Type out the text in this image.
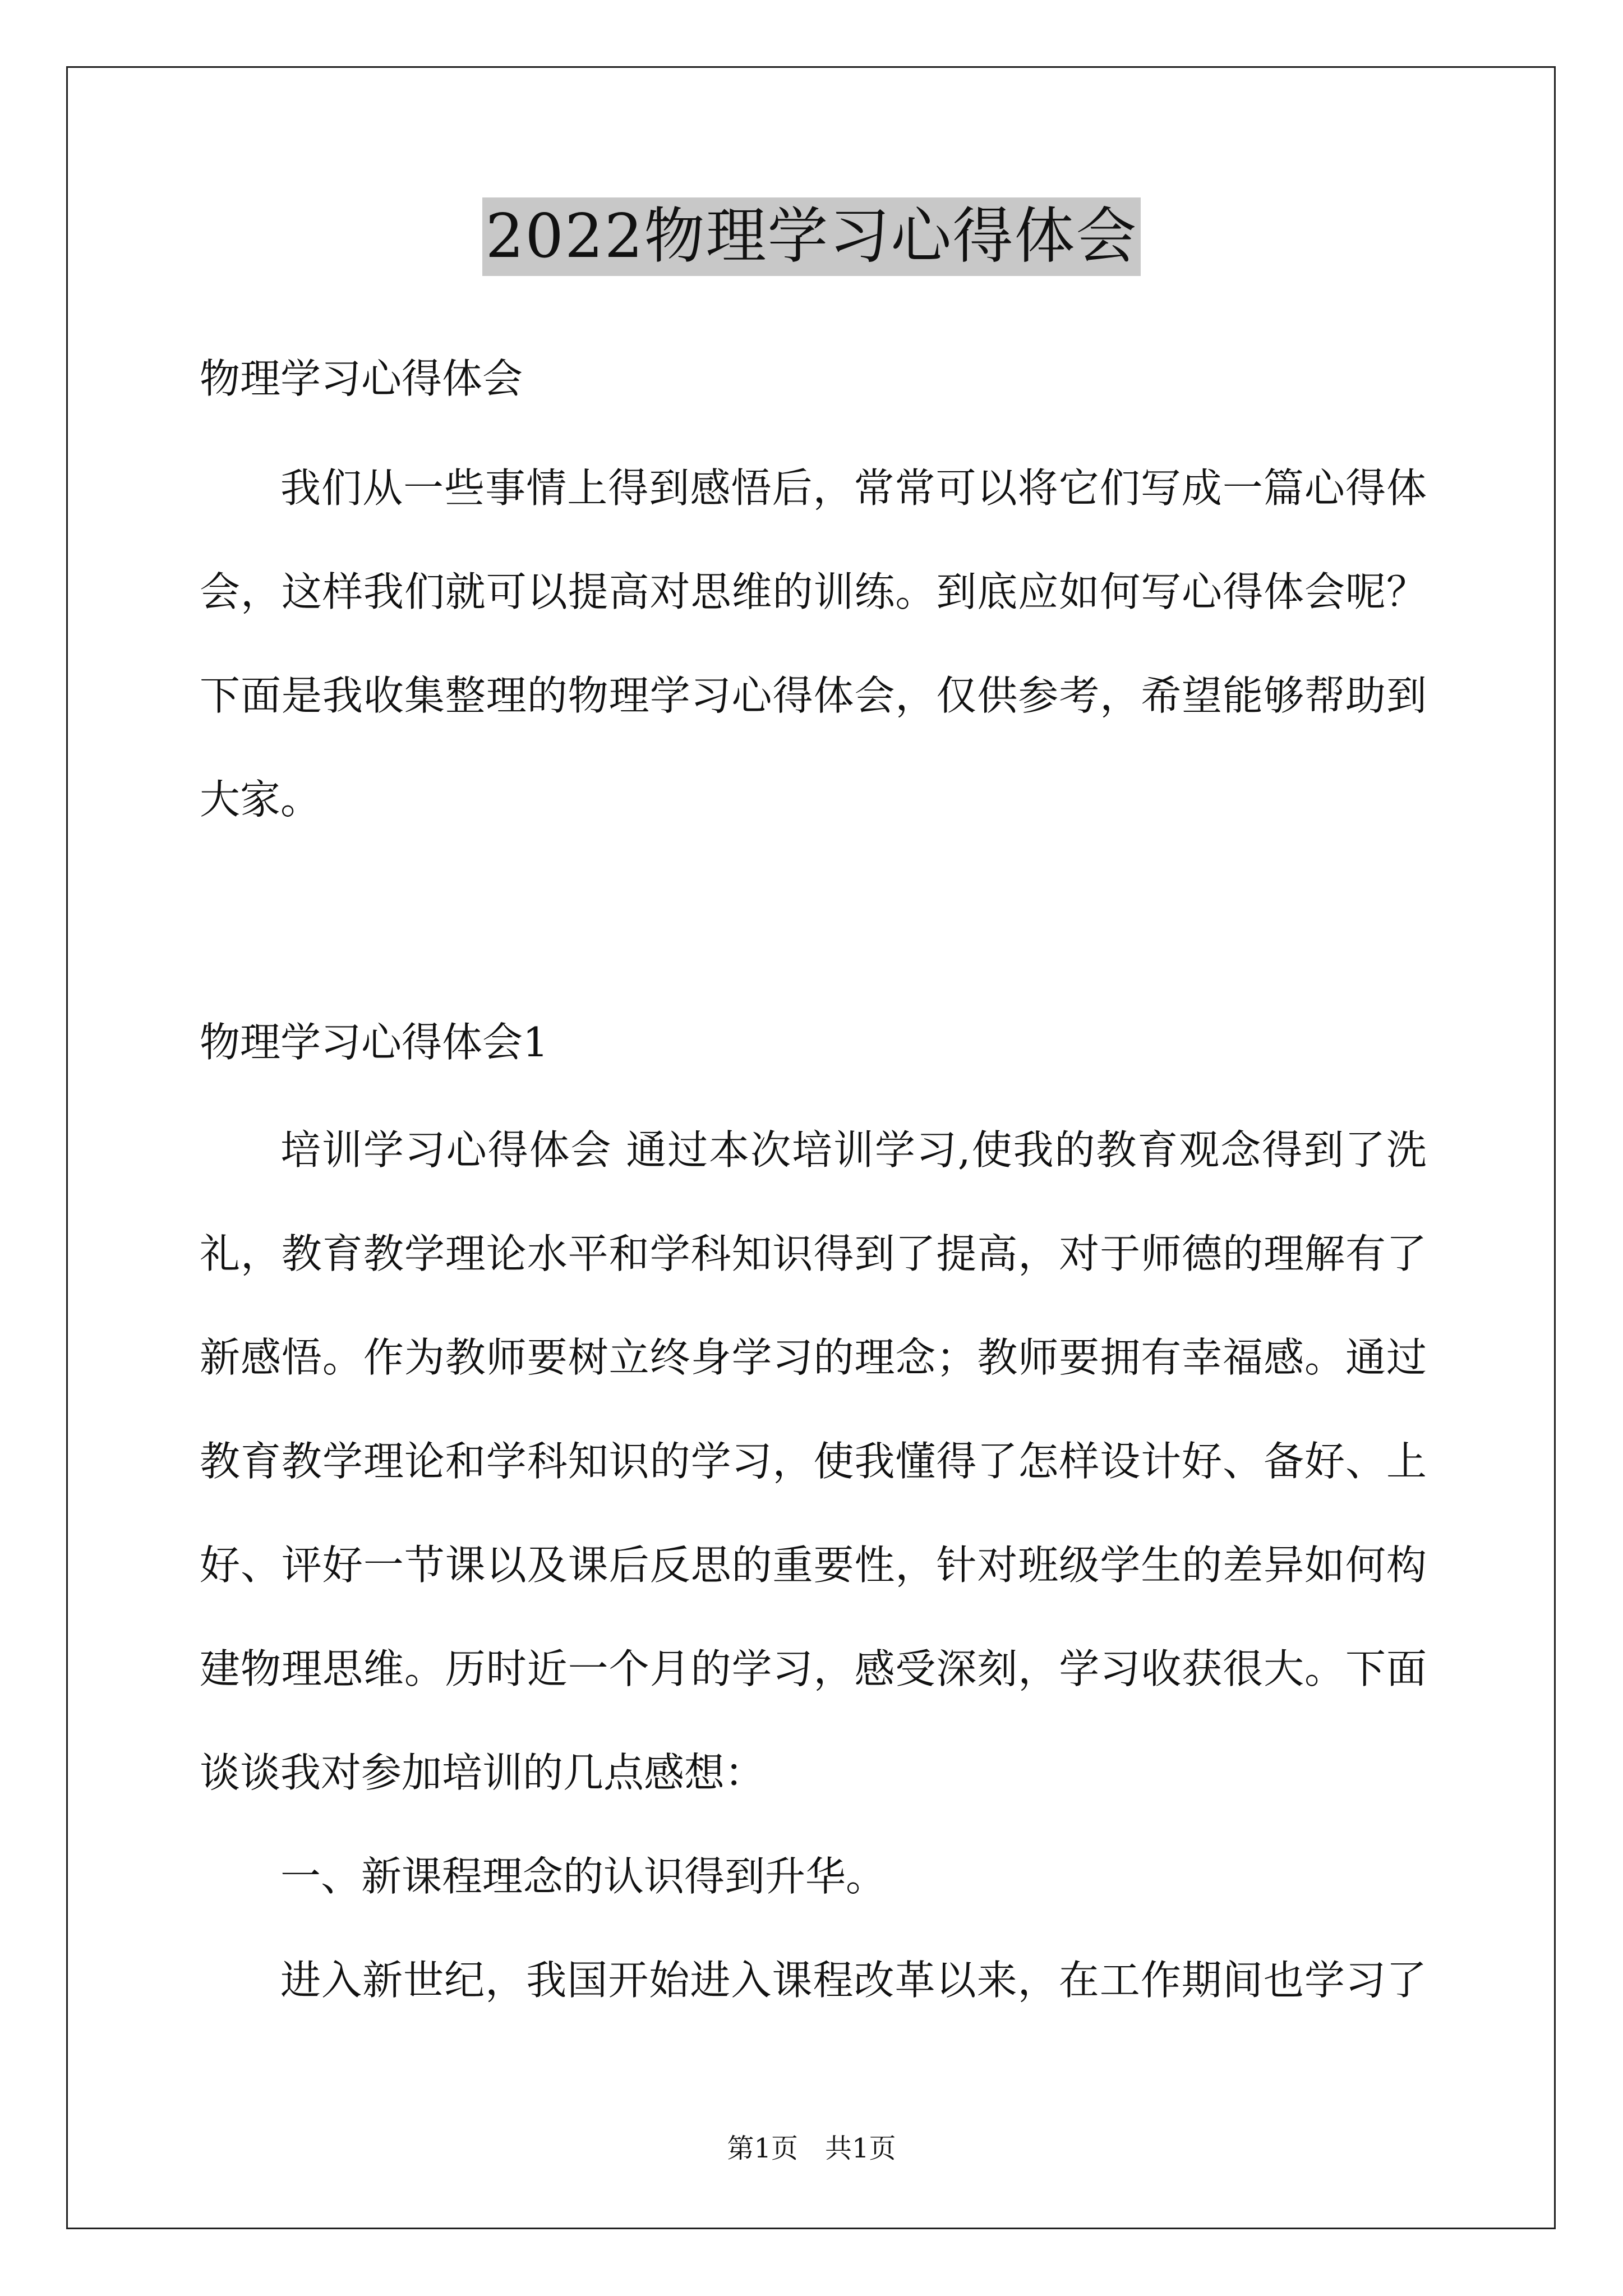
2022物理学习心得体会
物理学习心得体会
我们从一些事情上得到感悟后，常常可以将它们写成一篇心得体
会，这样我们就可以提高对思维的训练。到底应如何写心得体会呢？
下面是我收集整理的物理学习心得体会，仅供参考，希望能够帮助到
大家。
物理学习心得体会1
培训学习心得体会 通过本次培训学习,使我的教育观念得到了洗
礼，教育教学理论水平和学科知识得到了提高，对于师德的理解有了
新感悟。作为教师要树立终身学习的理念；教师要拥有幸福感。通过
教育教学理论和学科知识的学习，使我懂得了怎样设计好、备好、上
好、评好一节课以及课后反思的重要性，针对班级学生的差异如何构
建物理思维。历时近一个月的学习，感受深刻，学习收获很大。下面
谈谈我对参加培训的几点感想：
一、新课程理念的认识得到升华。
进入新世纪，我国开始进入课程改革以来，在工作期间也学习了
第1页　共1页
